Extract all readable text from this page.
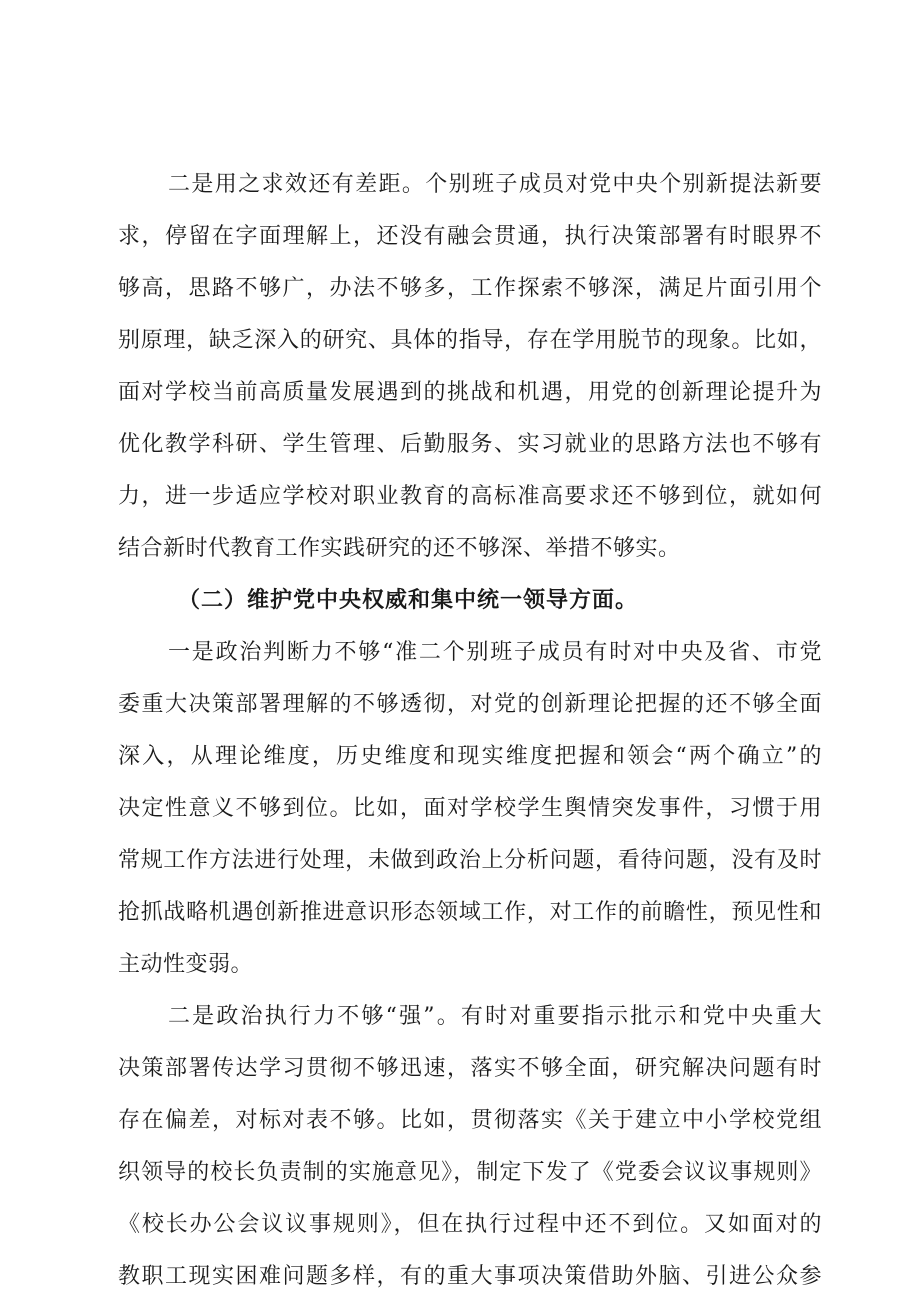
二是用之求效还有差距。个别班子成员对党中央个别新提法新要
求，停留在字面理解上，还没有融会贯通，执行决策部署有时眼界不
够高，思路不够广，办法不够多，工作探索不够深，满足片面引用个
别原理，缺乏深入的研究、具体的指导，存在学用脱节的现象。比如，
面对学校当前高质量发展遇到的挑战和机遇，用党的创新理论提升为
优化教学科研、学生管理、后勤服务、实习就业的思路方法也不够有
力，进一步适应学校对职业教育的高标准高要求还不够到位，就如何
结合新时代教育工作实践研究的还不够深、举措不够实。
（二）维护党中央权威和集中统一领导方面。
一是政治判断力不够“准二个别班子成员有时对中央及省、市党
委重大决策部署理解的不够透彻，对党的创新理论把握的还不够全面
深入，从理论维度，历史维度和现实维度把握和领会“两个确立”的
决定性意义不够到位。比如，面对学校学生舆情突发事件，习惯于用
常规工作方法进行处理，未做到政治上分析问题，看待问题，没有及时
抢抓战略机遇创新推进意识形态领域工作，对工作的前瞻性，预见性和
主动性变弱。
二是政治执行力不够“强”。有时对重要指示批示和党中央重大
决策部署传达学习贯彻不够迅速，落实不够全面，研究解决问题有时
存在偏差，对标对表不够。比如，贯彻落实《关于建立中小学校党组
织领导的校长负责制的实施意见》，制定下发了《党委会议议事规则》
《校长办公会议议事规则》，但在执行过程中还不到位。又如面对的
教职工现实困难问题多样，有的重大事项决策借助外脑、引进公众参
